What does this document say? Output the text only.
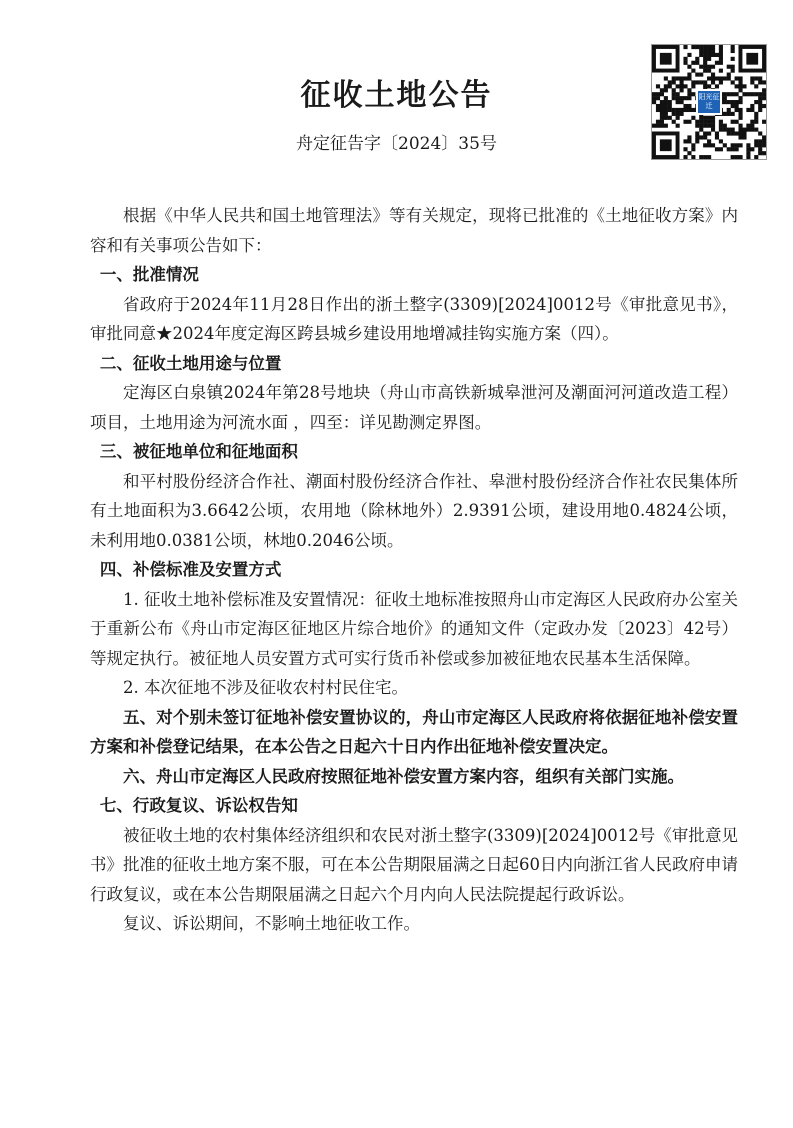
征收土地公告
舟定征告字〔2024〕35号
阳光征迁

根据《中华人民共和国土地管理法》等有关规定，现将已批准的《土地征收方案》内容和有关事项公告如下：

一、批准情况

省政府于2024年11月28日作出的浙土整字(3309)[2024]0012号《审批意见书》，审批同意★2024年度定海区跨县城乡建设用地增减挂钩实施方案（四）。

二、征收土地用途与位置

定海区白泉镇2024年第28号地块（舟山市高铁新城皋泄河及潮面河河道改造工程）项目，土地用途为河流水面 ，四至：详见勘测定界图。

三、被征地单位和征地面积

和平村股份经济合作社、潮面村股份经济合作社、皋泄村股份经济合作社农民集体所有土地面积为3.6642公顷，农用地（除林地外）2.9391公顷，建设用地0.4824公顷，未利用地0.0381公顷，林地0.2046公顷。

四、补偿标准及安置方式

1. 征收土地补偿标准及安置情况：征收土地标准按照舟山市定海区人民政府办公室关于重新公布《舟山市定海区征地区片综合地价》的通知文件（定政办发〔2023〕42号）等规定执行。被征地人员安置方式可实行货币补偿或参加被征地农民基本生活保障。

2. 本次征地不涉及征收农村村民住宅。

五、对个别未签订征地补偿安置协议的，舟山市定海区人民政府将依据征地补偿安置方案和补偿登记结果，在本公告之日起六十日内作出征地补偿安置决定。

六、舟山市定海区人民政府按照征地补偿安置方案内容，组织有关部门实施。

七、行政复议、诉讼权告知

被征收土地的农村集体经济组织和农民对浙土整字(3309)[2024]0012号《审批意见书》批准的征收土地方案不服，可在本公告期限届满之日起60日内向浙江省人民政府申请行政复议，或在本公告期限届满之日起六个月内向人民法院提起行政诉讼。

复议、诉讼期间，不影响土地征收工作。
